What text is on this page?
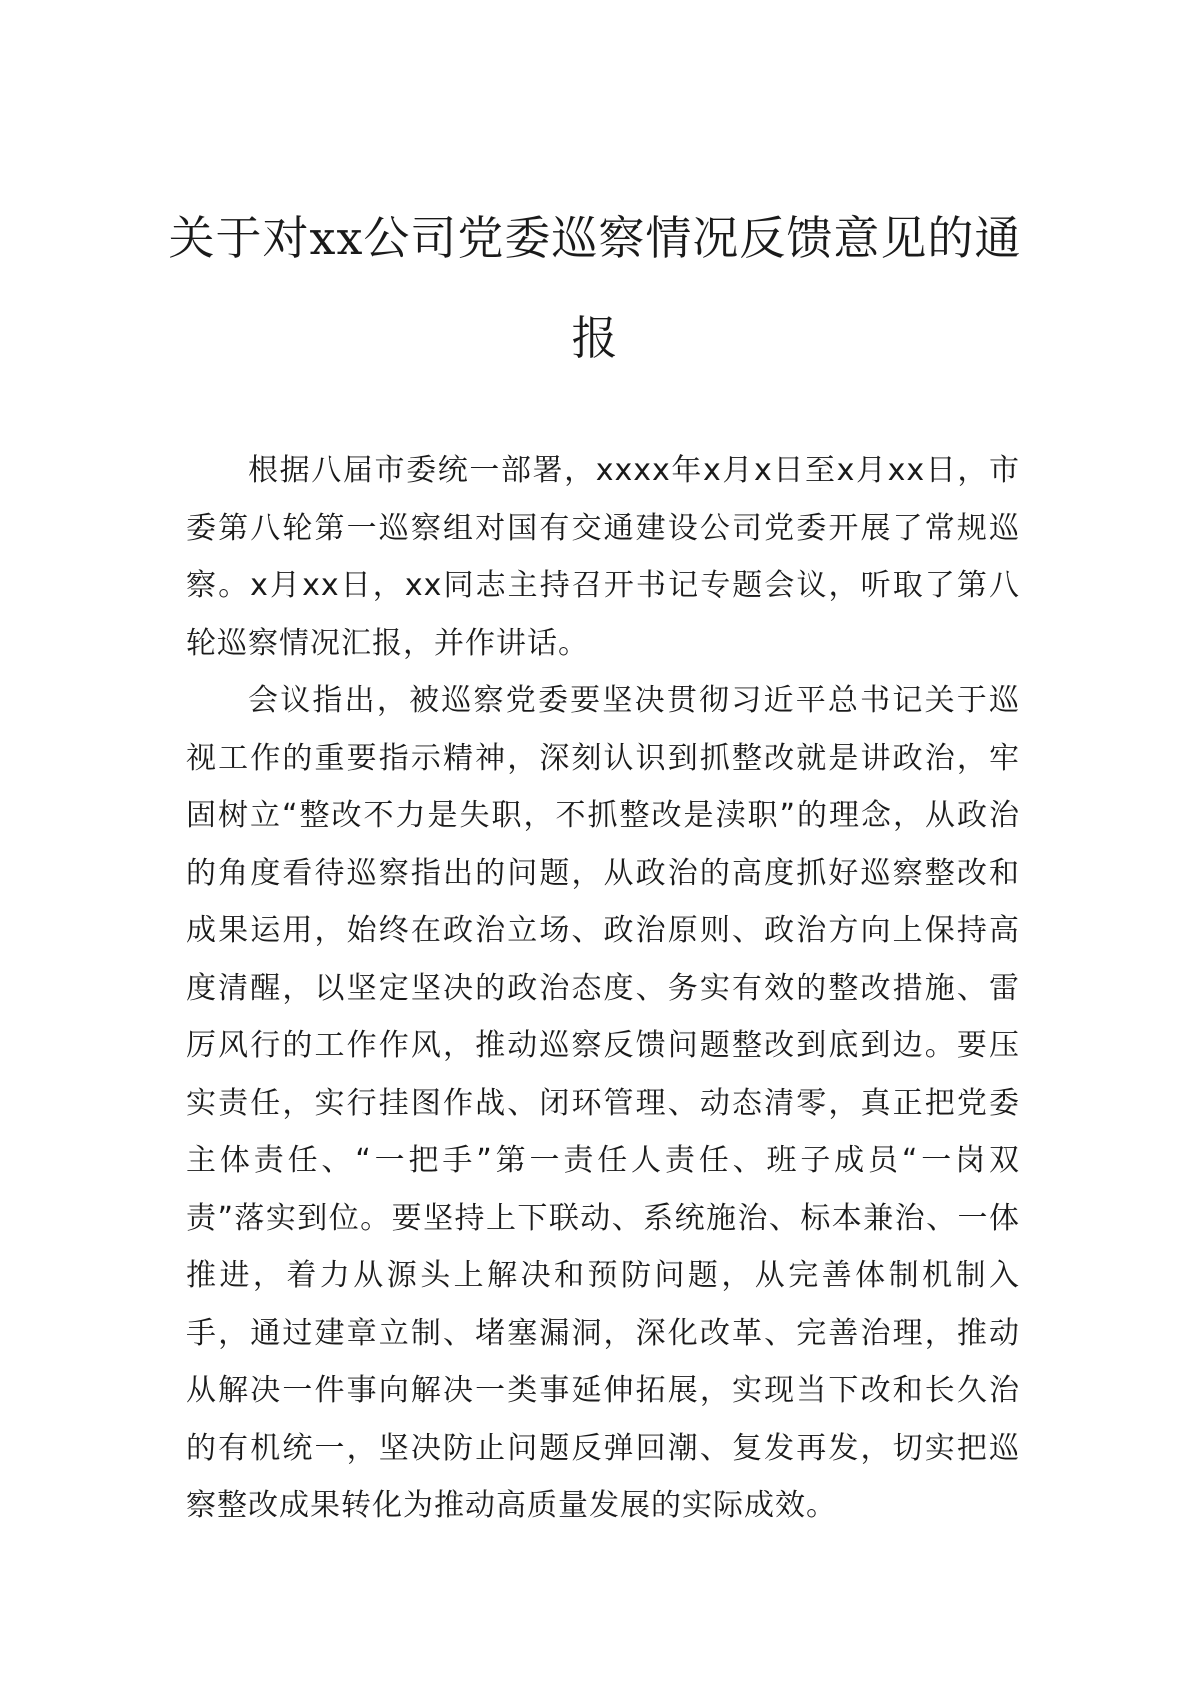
关于对xx公司党委巡察情况反馈意见的通报

根据八届市委统一部署，xxxx年x月x日至x月xx日，市委第八轮第一巡察组对国有交通建设公司党委开展了常规巡察。x月xx日，xx同志主持召开书记专题会议，听取了第八轮巡察情况汇报，并作讲话。

会议指出，被巡察党委要坚决贯彻习近平总书记关于巡视工作的重要指示精神，深刻认识到抓整改就是讲政治，牢固树立“整改不力是失职，不抓整改是渎职”的理念，从政治的角度看待巡察指出的问题，从政治的高度抓好巡察整改和成果运用，始终在政治立场、政治原则、政治方向上保持高度清醒，以坚定坚决的政治态度、务实有效的整改措施、雷厉风行的工作作风，推动巡察反馈问题整改到底到边。要压实责任，实行挂图作战、闭环管理、动态清零，真正把党委主体责任、“一把手”第一责任人责任、班子成员“一岗双责”落实到位。要坚持上下联动、系统施治、标本兼治、一体推进，着力从源头上解决和预防问题，从完善体制机制入手，通过建章立制、堵塞漏洞，深化改革、完善治理，推动从解决一件事向解决一类事延伸拓展，实现当下改和长久治的有机统一，坚决防止问题反弹回潮、复发再发，切实把巡察整改成果转化为推动高质量发展的实际成效。
